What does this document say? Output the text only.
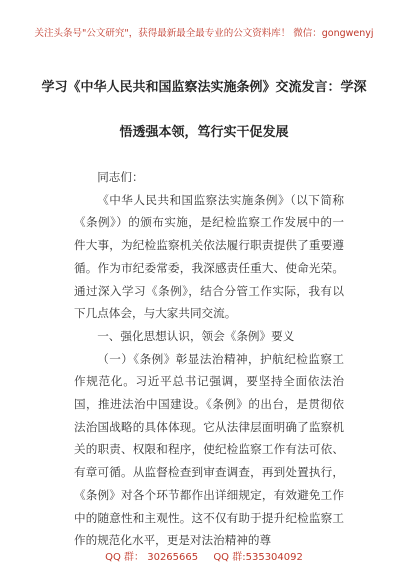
关注头条号"公文研究"，获得最新最全最专业的公文资料库！ 微信：gongwenyj
学习《中华人民共和国监察法实施条例》交流发言：学深
悟透强本领，笃行实干促发展

同志们：

《中华人民共和国监察法实施条例》（以下简称《条例》）的颁布实施，是纪检监察工作发展中的一件大事，为纪检监察机关依法履行职责提供了重要遵循。作为市纪委常委，我深感责任重大、使命光荣。通过深入学习《条例》，结合分管工作实际，我有以下几点体会，与大家共同交流。

一、强化思想认识，领会《条例》要义

（一）《条例》彰显法治精神，护航纪检监察工作规范化。习近平总书记强调，要坚持全面依法治国，推进法治中国建设。《条例》的出台，是贯彻依法治国战略的具体体现。它从法律层面明确了监察机关的职责、权限和程序，使纪检监察工作有法可依、有章可循。从监督检查到审查调查，再到处置执行，《条例》对各个环节都作出详细规定，有效避免工作中的随意性和主观性。这不仅有助于提升纪检监察工作的规范化水平，更是对法治精神的尊

QQ 群： 30265665 QQ 群:535304092
